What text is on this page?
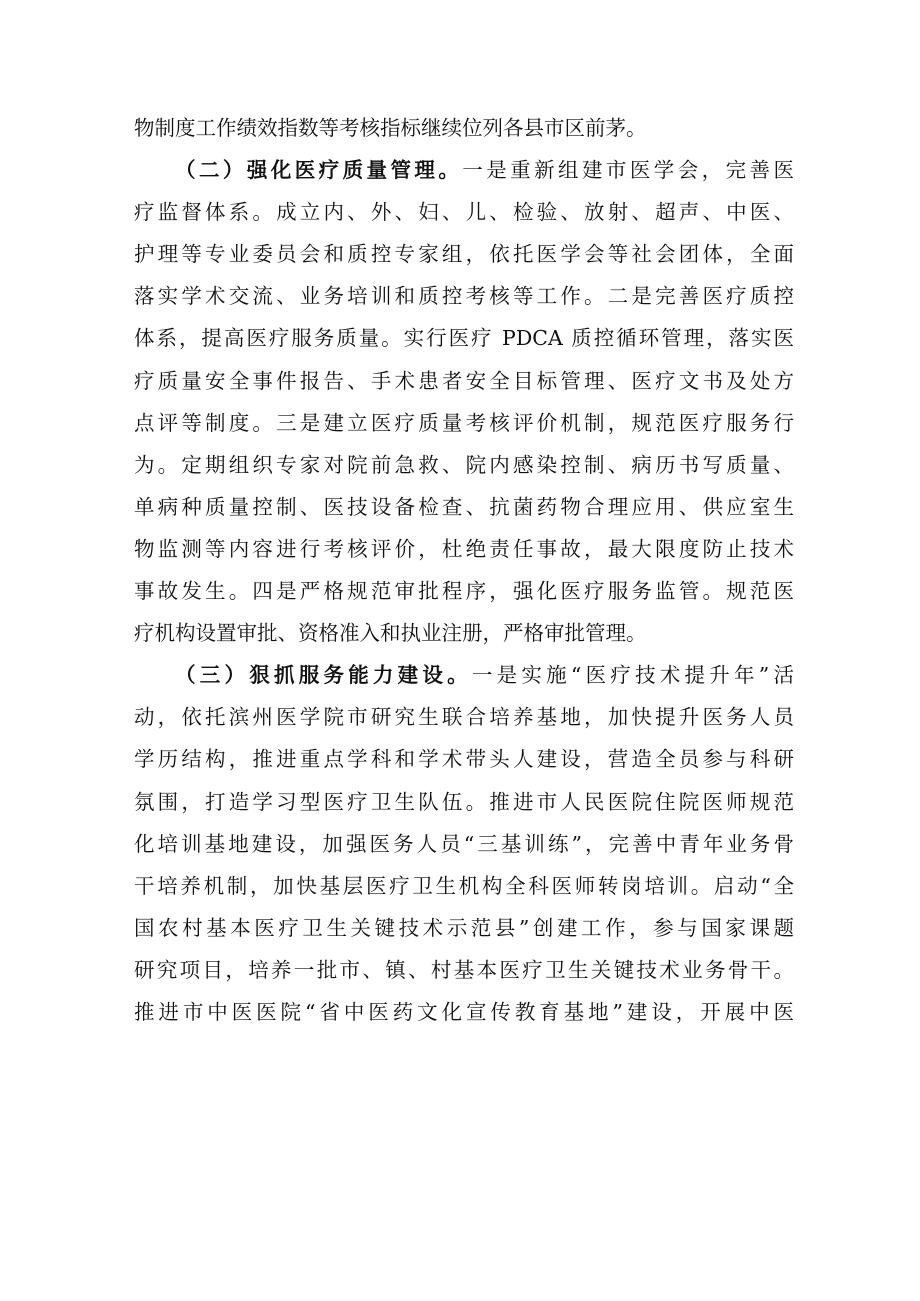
物制度工作绩效指数等考核指标继续位列各县市区前茅。
（二）强化医疗质量管理。一是重新组建市医学会，完善医
疗监督体系。成立内、外、妇、儿、检验、放射、超声、中医、
护理等专业委员会和质控专家组，依托医学会等社会团体，全面
落实学术交流、业务培训和质控考核等工作。二是完善医疗质控
体系，提高医疗服务质量。实行医疗 PDCA 质控循环管理，落实医
疗质量安全事件报告、手术患者安全目标管理、医疗文书及处方
点评等制度。三是建立医疗质量考核评价机制，规范医疗服务行
为。定期组织专家对院前急救、院内感染控制、病历书写质量、
单病种质量控制、医技设备检查、抗菌药物合理应用、供应室生
物监测等内容进行考核评价，杜绝责任事故，最大限度防止技术
事故发生。四是严格规范审批程序，强化医疗服务监管。规范医
疗机构设置审批、资格准入和执业注册，严格审批管理。
（三）狠抓服务能力建设。一是实施“医疗技术提升年”活
动，依托滨州医学院市研究生联合培养基地，加快提升医务人员
学历结构，推进重点学科和学术带头人建设，营造全员参与科研
氛围，打造学习型医疗卫生队伍。推进市人民医院住院医师规范
化培训基地建设，加强医务人员“三基训练”，完善中青年业务骨
干培养机制，加快基层医疗卫生机构全科医师转岗培训。启动“全
国农村基本医疗卫生关键技术示范县”创建工作，参与国家课题
研究项目，培养一批市、镇、村基本医疗卫生关键技术业务骨干。
推进市中医医院“省中医药文化宣传教育基地”建设，开展中医
